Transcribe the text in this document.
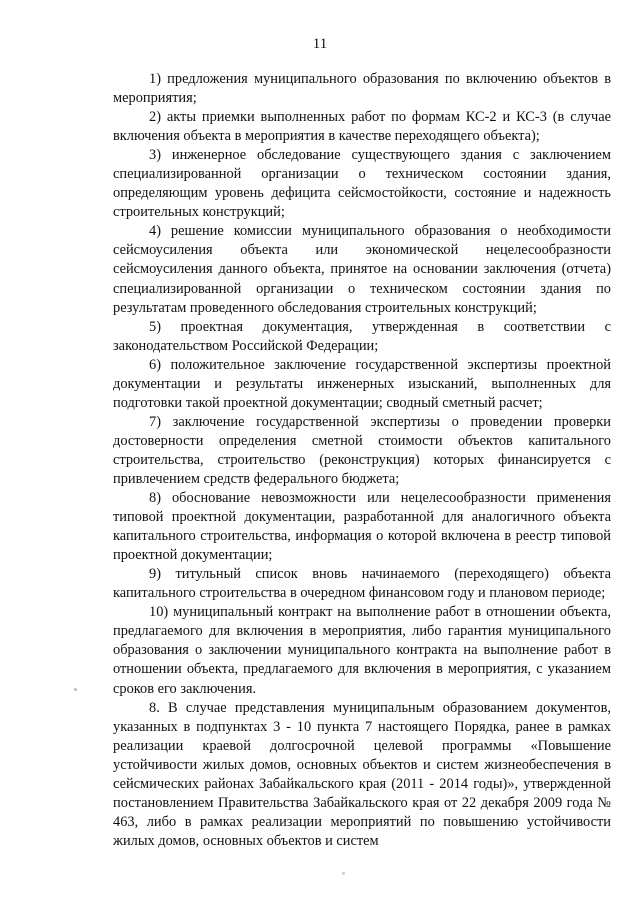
11

1) предложения муниципального образования по включению объектов в мероприятия;

2) акты приемки выполненных работ по формам КС-2 и КС-3 (в случае включения объекта в мероприятия в качестве переходящего объекта);

3) инженерное обследование существующего здания с заключением специализированной организации о техническом состоянии здания, определяющим уровень дефицита сейсмостойкости, состояние и надежность строительных конструкций;

4) решение комиссии муниципального образования о необходимости сейсмоусиления объекта или экономической нецелесообразности сейсмоусиления данного объекта, принятое на основании заключения (отчета) специализированной организации о техническом состоянии здания по результатам проведенного обследования строительных конструкций;

5) проектная документация, утвержденная в соответствии с законодательством Российской Федерации;

6) положительное заключение государственной экспертизы проектной документации и результаты инженерных изысканий, выполненных для подготовки такой проектной документации; сводный сметный расчет;

7) заключение государственной экспертизы о проведении проверки достоверности определения сметной стоимости объектов капитального строительства, строительство (реконструкция) которых финансируется с привлечением средств федерального бюджета;

8) обоснование невозможности или нецелесообразности применения типовой проектной документации, разработанной для аналогичного объекта капитального строительства, информация о которой включена в реестр типовой проектной документации;

9) титульный список вновь начинаемого (переходящего) объекта капитального строительства в очередном финансовом году и плановом периоде;

10) муниципальный контракт на выполнение работ в отношении объекта, предлагаемого для включения в мероприятия, либо гарантия муниципального образования о заключении муниципального контракта на выполнение работ в отношении объекта, предлагаемого для включения в мероприятия, с указанием сроков его заключения.

8. В случае представления муниципальным образованием документов, указанных в подпунктах 3 - 10 пункта 7 настоящего Порядка, ранее в рамках реализации краевой долгосрочной целевой программы «Повышение устойчивости жилых домов, основных объектов и систем жизнеобеспечения в сейсмических районах Забайкальского края (2011 - 2014 годы)», утвержденной постановлением Правительства Забайкальского края от 22 декабря 2009 года № 463, либо в рамках реализации мероприятий по повышению устойчивости жилых домов, основных объектов и систем
